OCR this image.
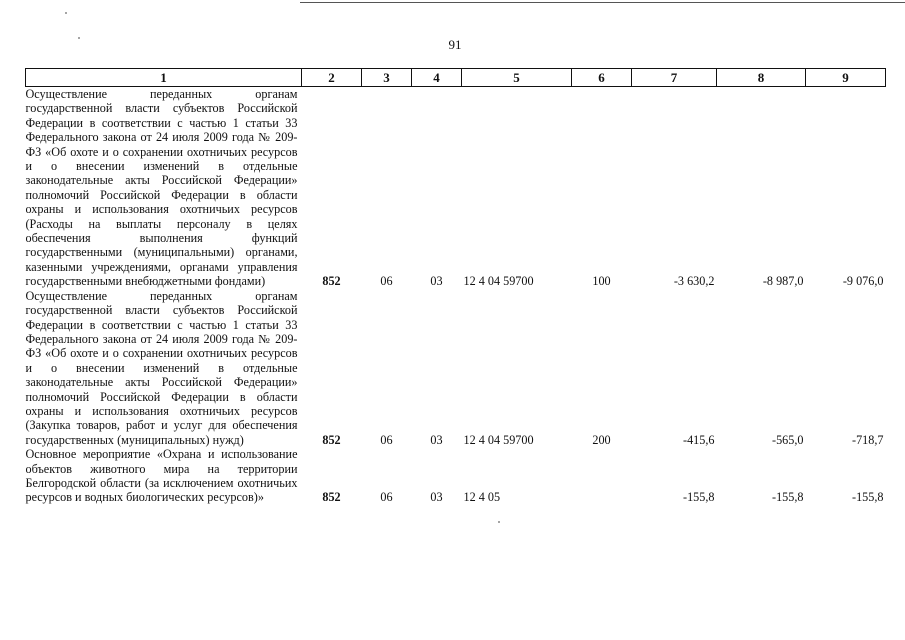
91
1	2	3	4	5	6	7	8	9
Осуществление переданных органам государственной власти субъектов Российской Федерации в соответствии с частью 1 статьи 33 Федерального закона от 24 июля 2009 года № 209-ФЗ «Об охоте и о сохранении охотничьих ресурсов и о внесении изменений в отдельные законодательные акты Российской Федерации» полномочий Российской Федерации в области охраны и использования охотничьих ресурсов (Расходы на выплаты персоналу в целях обеспечения выполнения функций государственными (муниципальными) органами, казенными учреждениями, органами управления государственными внебюджетными фондами)	852	06	03	12 4 04 59700	100	-3 630,2	-8 987,0	-9 076,0
Осуществление переданных органам государственной власти субъектов Российской Федерации в соответствии с частью 1 статьи 33 Федерального закона от 24 июля 2009 года № 209-ФЗ «Об охоте и о сохранении охотничьих ресурсов и о внесении изменений в отдельные законодательные акты Российской Федерации» полномочий Российской Федерации в области охраны и использования охотничьих ресурсов (Закупка товаров, работ и услуг для обеспечения государственных (муниципальных) нужд)	852	06	03	12 4 04 59700	200	-415,6	-565,0	-718,7
Основное мероприятие «Охрана и использование объектов животного мира на территории Белгородской области (за исключением охотничьих ресурсов и водных биологических ресурсов)»	852	06	03	12 4 05		-155,8	-155,8	-155,8
